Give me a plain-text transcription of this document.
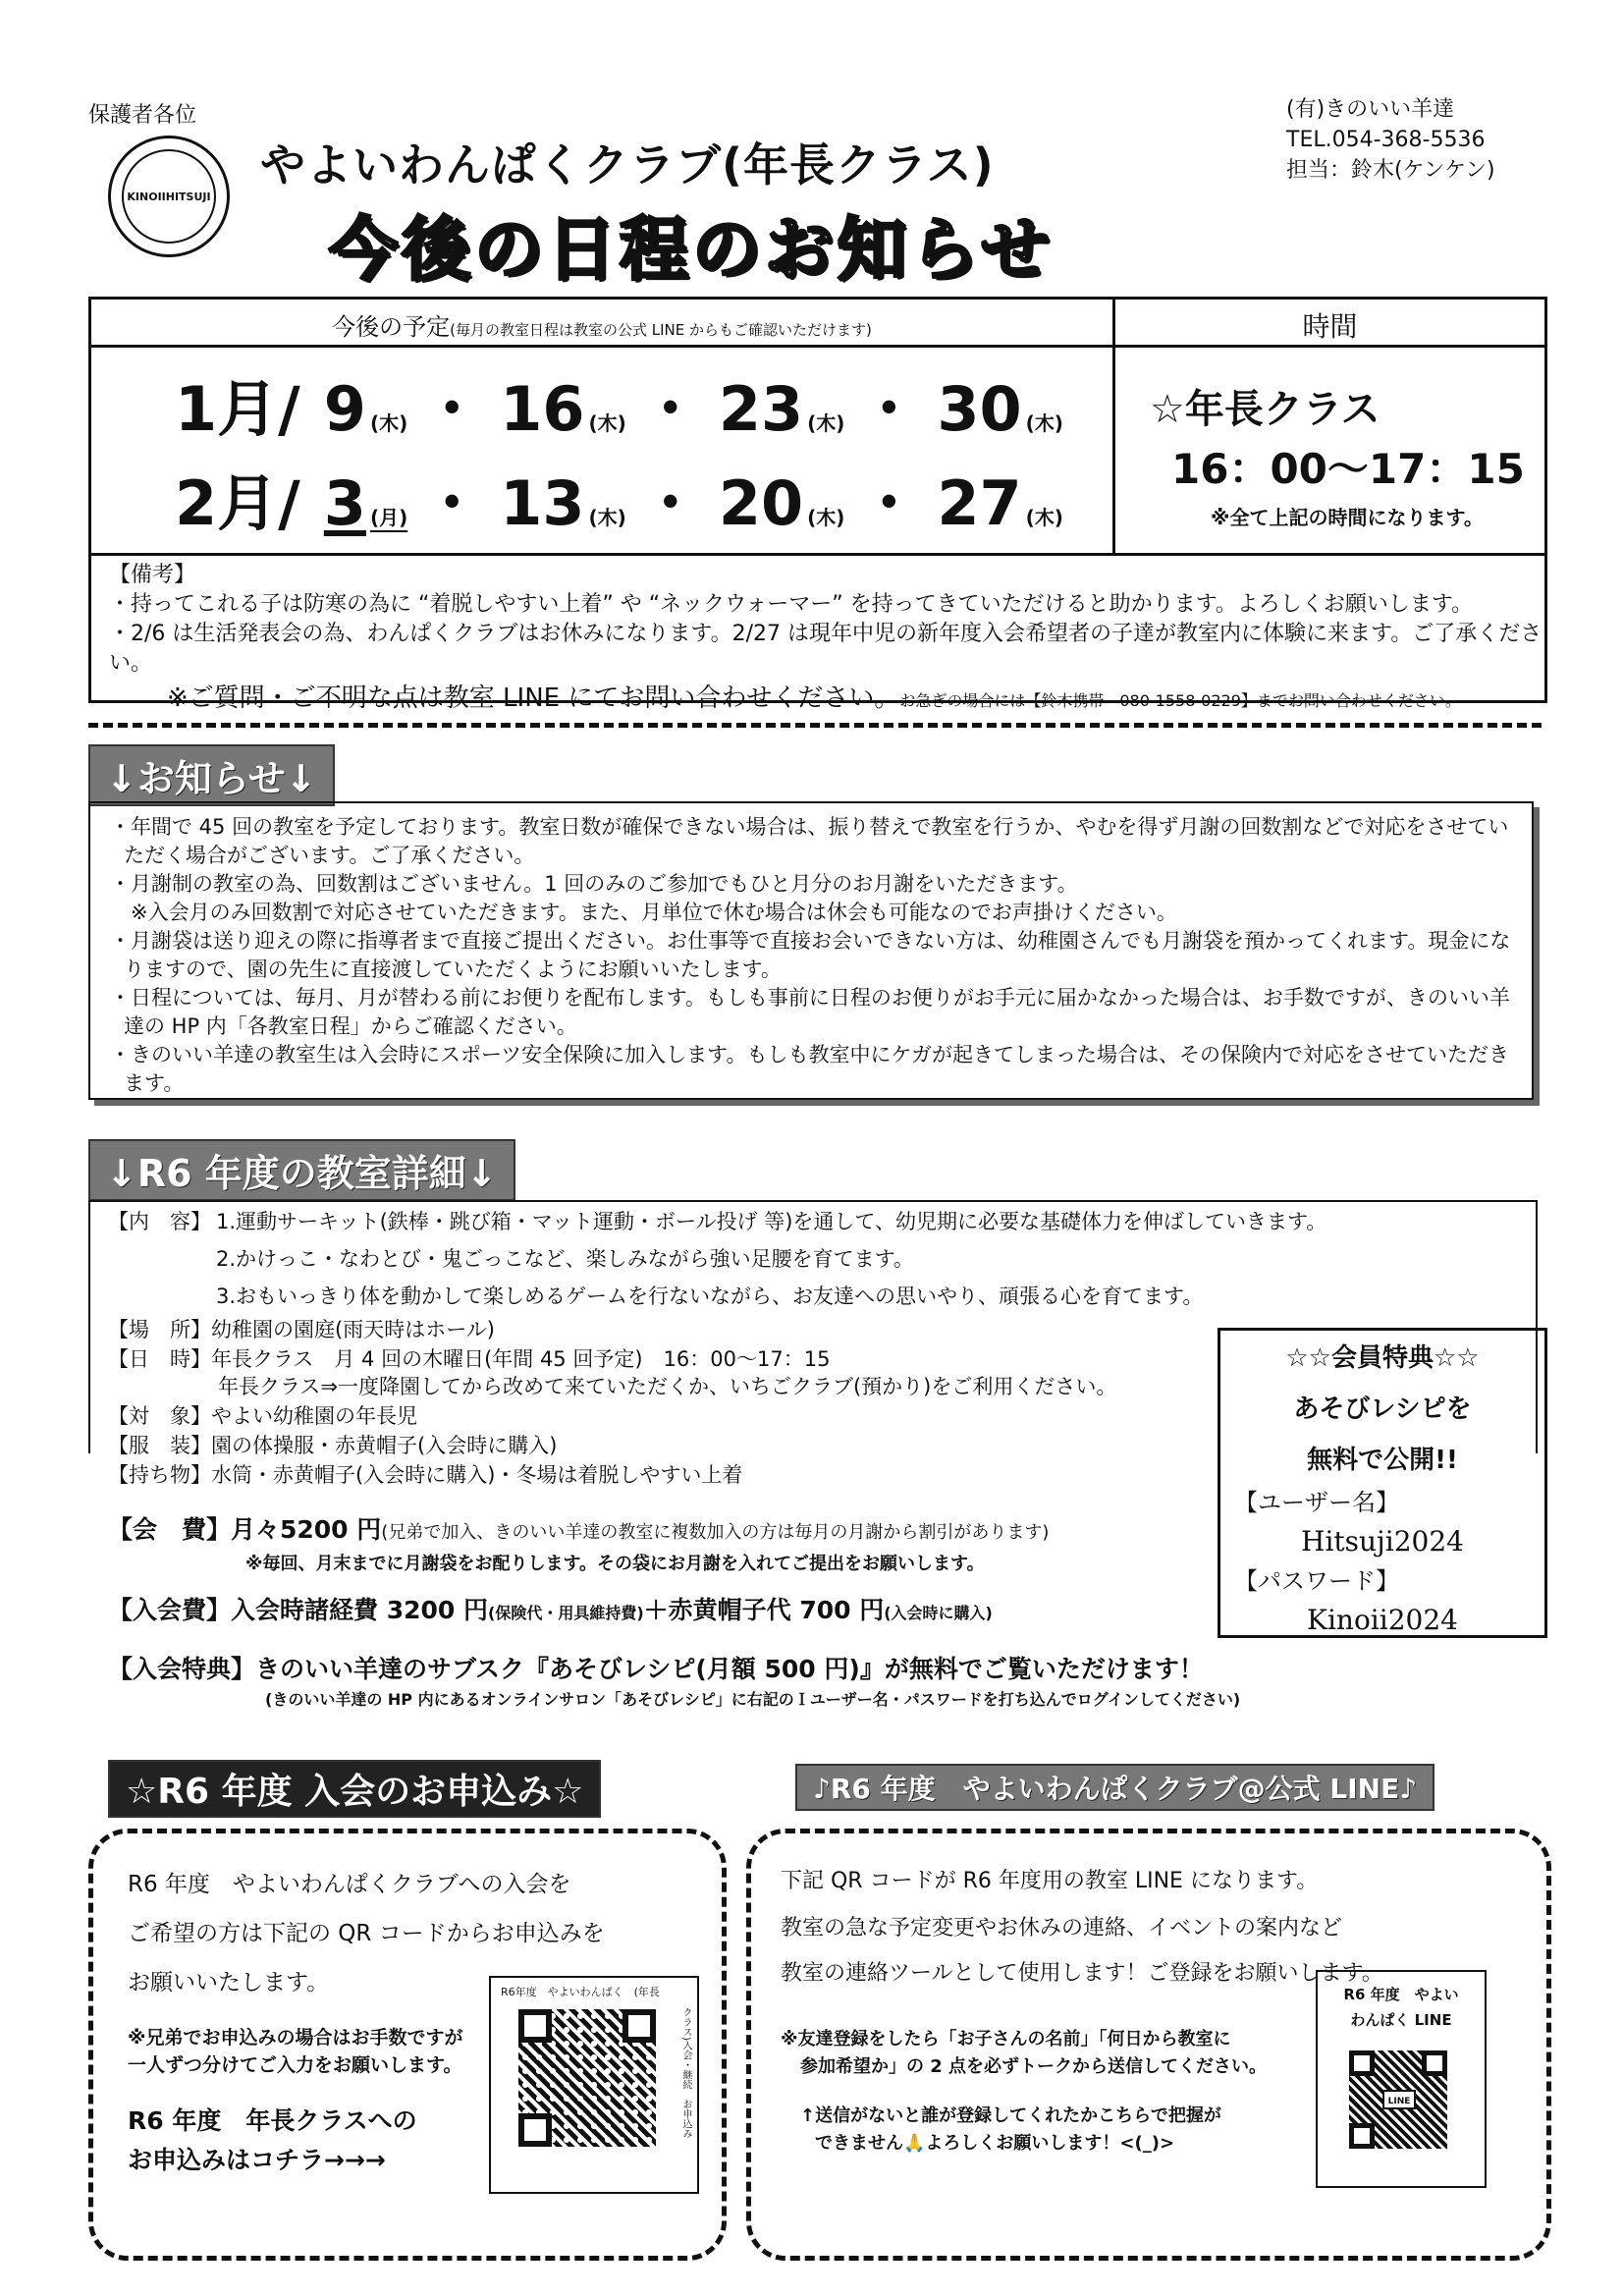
保護者各位
KINOIIHITSUJI
やよいわんぱくクラブ(年長クラス)
今後の日程のお知らせ
(有)きのいい羊達
TEL.054-368-5536
担当：鈴木(ケンケン)
今後の予定(毎月の教室日程は教室の公式 LINE からもご確認いただけます)	時間
1月/ 9 (木) ・ 16 (木) ・ 23 (木) ・ 30 (木)
2月/ 3 (月) ・ 13 (木) ・ 20 (木) ・ 27 (木)
☆年長クラス
16：00〜17：15
※全て上記の時間になります。
【備考】
・持ってこれる子は防寒の為に “着脱しやすい上着” や “ネックウォーマー” を持ってきていただけると助かります。よろしくお願いします。
・2/6 は生活発表会の為、わんぱくクラブはお休みになります。2/27 は現年中児の新年度入会希望者の子達が教室内に体験に来ます。ご了承ください。
※ご質問・ご不明な点は教室 LINE にてお問い合わせください。お急ぎの場合には【鈴木携帯　080-1558-0229】までお問い合わせください。
↓お知らせ↓
・年間で 45 回の教室を予定しております。教室日数が確保できない場合は、振り替えで教室を行うか、やむを得ず月謝の回数割などで対応をさせていただく場合がございます。ご了承ください。
・月謝制の教室の為、回数割はございません。1 回のみのご参加でもひと月分のお月謝をいただきます。
　※入会月のみ回数割で対応させていただきます。また、月単位で休む場合は休会も可能なのでお声掛けください。
・月謝袋は送り迎えの際に指導者まで直接ご提出ください。お仕事等で直接お会いできない方は、幼稚園さんでも月謝袋を預かってくれます。現金になりますので、園の先生に直接渡していただくようにお願いいたします。
・日程については、毎月、月が替わる前にお便りを配布します。もしも事前に日程のお便りがお手元に届かなかった場合は、お手数ですが、きのいい羊達の HP 内「各教室日程」からご確認ください。
・きのいい羊達の教室生は入会時にスポーツ安全保険に加入します。もしも教室中にケガが起きてしまった場合は、その保険内で対応をさせていただきます。
↓R6 年度の教室詳細↓
【内　容】 1.運動サーキット(鉄棒・跳び箱・マット運動・ボール投げ 等)を通して、幼児期に必要な基礎体力を伸ばしていきます。
2.かけっこ・なわとび・鬼ごっこなど、楽しみながら強い足腰を育てます。
3.おもいっきり体を動かして楽しめるゲームを行ないながら、お友達への思いやり、頑張る心を育てます。
【場　所】幼稚園の園庭(雨天時はホール)
【日　時】年長クラス　月 4 回の木曜日(年間 45 回予定)　16：00〜17：15
年長クラス⇒一度降園してから改めて来ていただくか、いちごクラブ(預かり)をご利用ください。
【対　象】やよい幼稚園の年長児
【服　装】園の体操服・赤黄帽子(入会時に購入)
【持ち物】水筒・赤黄帽子(入会時に購入)・冬場は着脱しやすい上着
【会　費】月々5200 円(兄弟で加入、きのいい羊達の教室に複数加入の方は毎月の月謝から割引があります)
※毎回、月末までに月謝袋をお配りします。その袋にお月謝を入れてご提出をお願いします。
【入会費】入会時諸経費 3200 円(保険代・用具維持費)＋赤黄帽子代 700 円(入会時に購入)
【入会特典】きのいい羊達のサブスク『あそびレシピ(月額 500 円)』が無料でご覧いただけます！
(きのいい羊達の HP 内にあるオンラインサロン「あそびレシピ」に右記のＩユーザー名・パスワードを打ち込んでログインしてください)
☆☆会員特典☆☆
あそびレシピを
無料で公開!!
【ユーザー名】
Hitsuji2024
【パスワード】
Kinoii2024
☆R6 年度 入会のお申込み☆
R6 年度　やよいわんぱくクラブへの入会を
ご希望の方は下記の QR コードからお申込みを
お願いいたします。
※兄弟でお申込みの場合はお手数ですが
一人ずつ分けてご入力をお願いします。
R6 年度　年長クラスへの
お申込みはコチラ→→→
R6年度　やよいわんぱく　(年長
クラス)入会・継続　お申込み
♪R6 年度　やよいわんぱくクラブ@公式 LINE♪
下記 QR コードが R6 年度用の教室 LINE になります。
教室の急な予定変更やお休みの連絡、イベントの案内など
教室の連絡ツールとして使用します！ご登録をお願いします。
※友達登録をしたら「お子さんの名前」「何日から教室に
参加希望か」の 2 点を必ずトークから送信してください。
↑送信がないと誰が登録してくれたかこちらで把握が
できません🙏よろしくお願いします！<(_)>
R6 年度　やよい
わんぱく LINE
LINE
